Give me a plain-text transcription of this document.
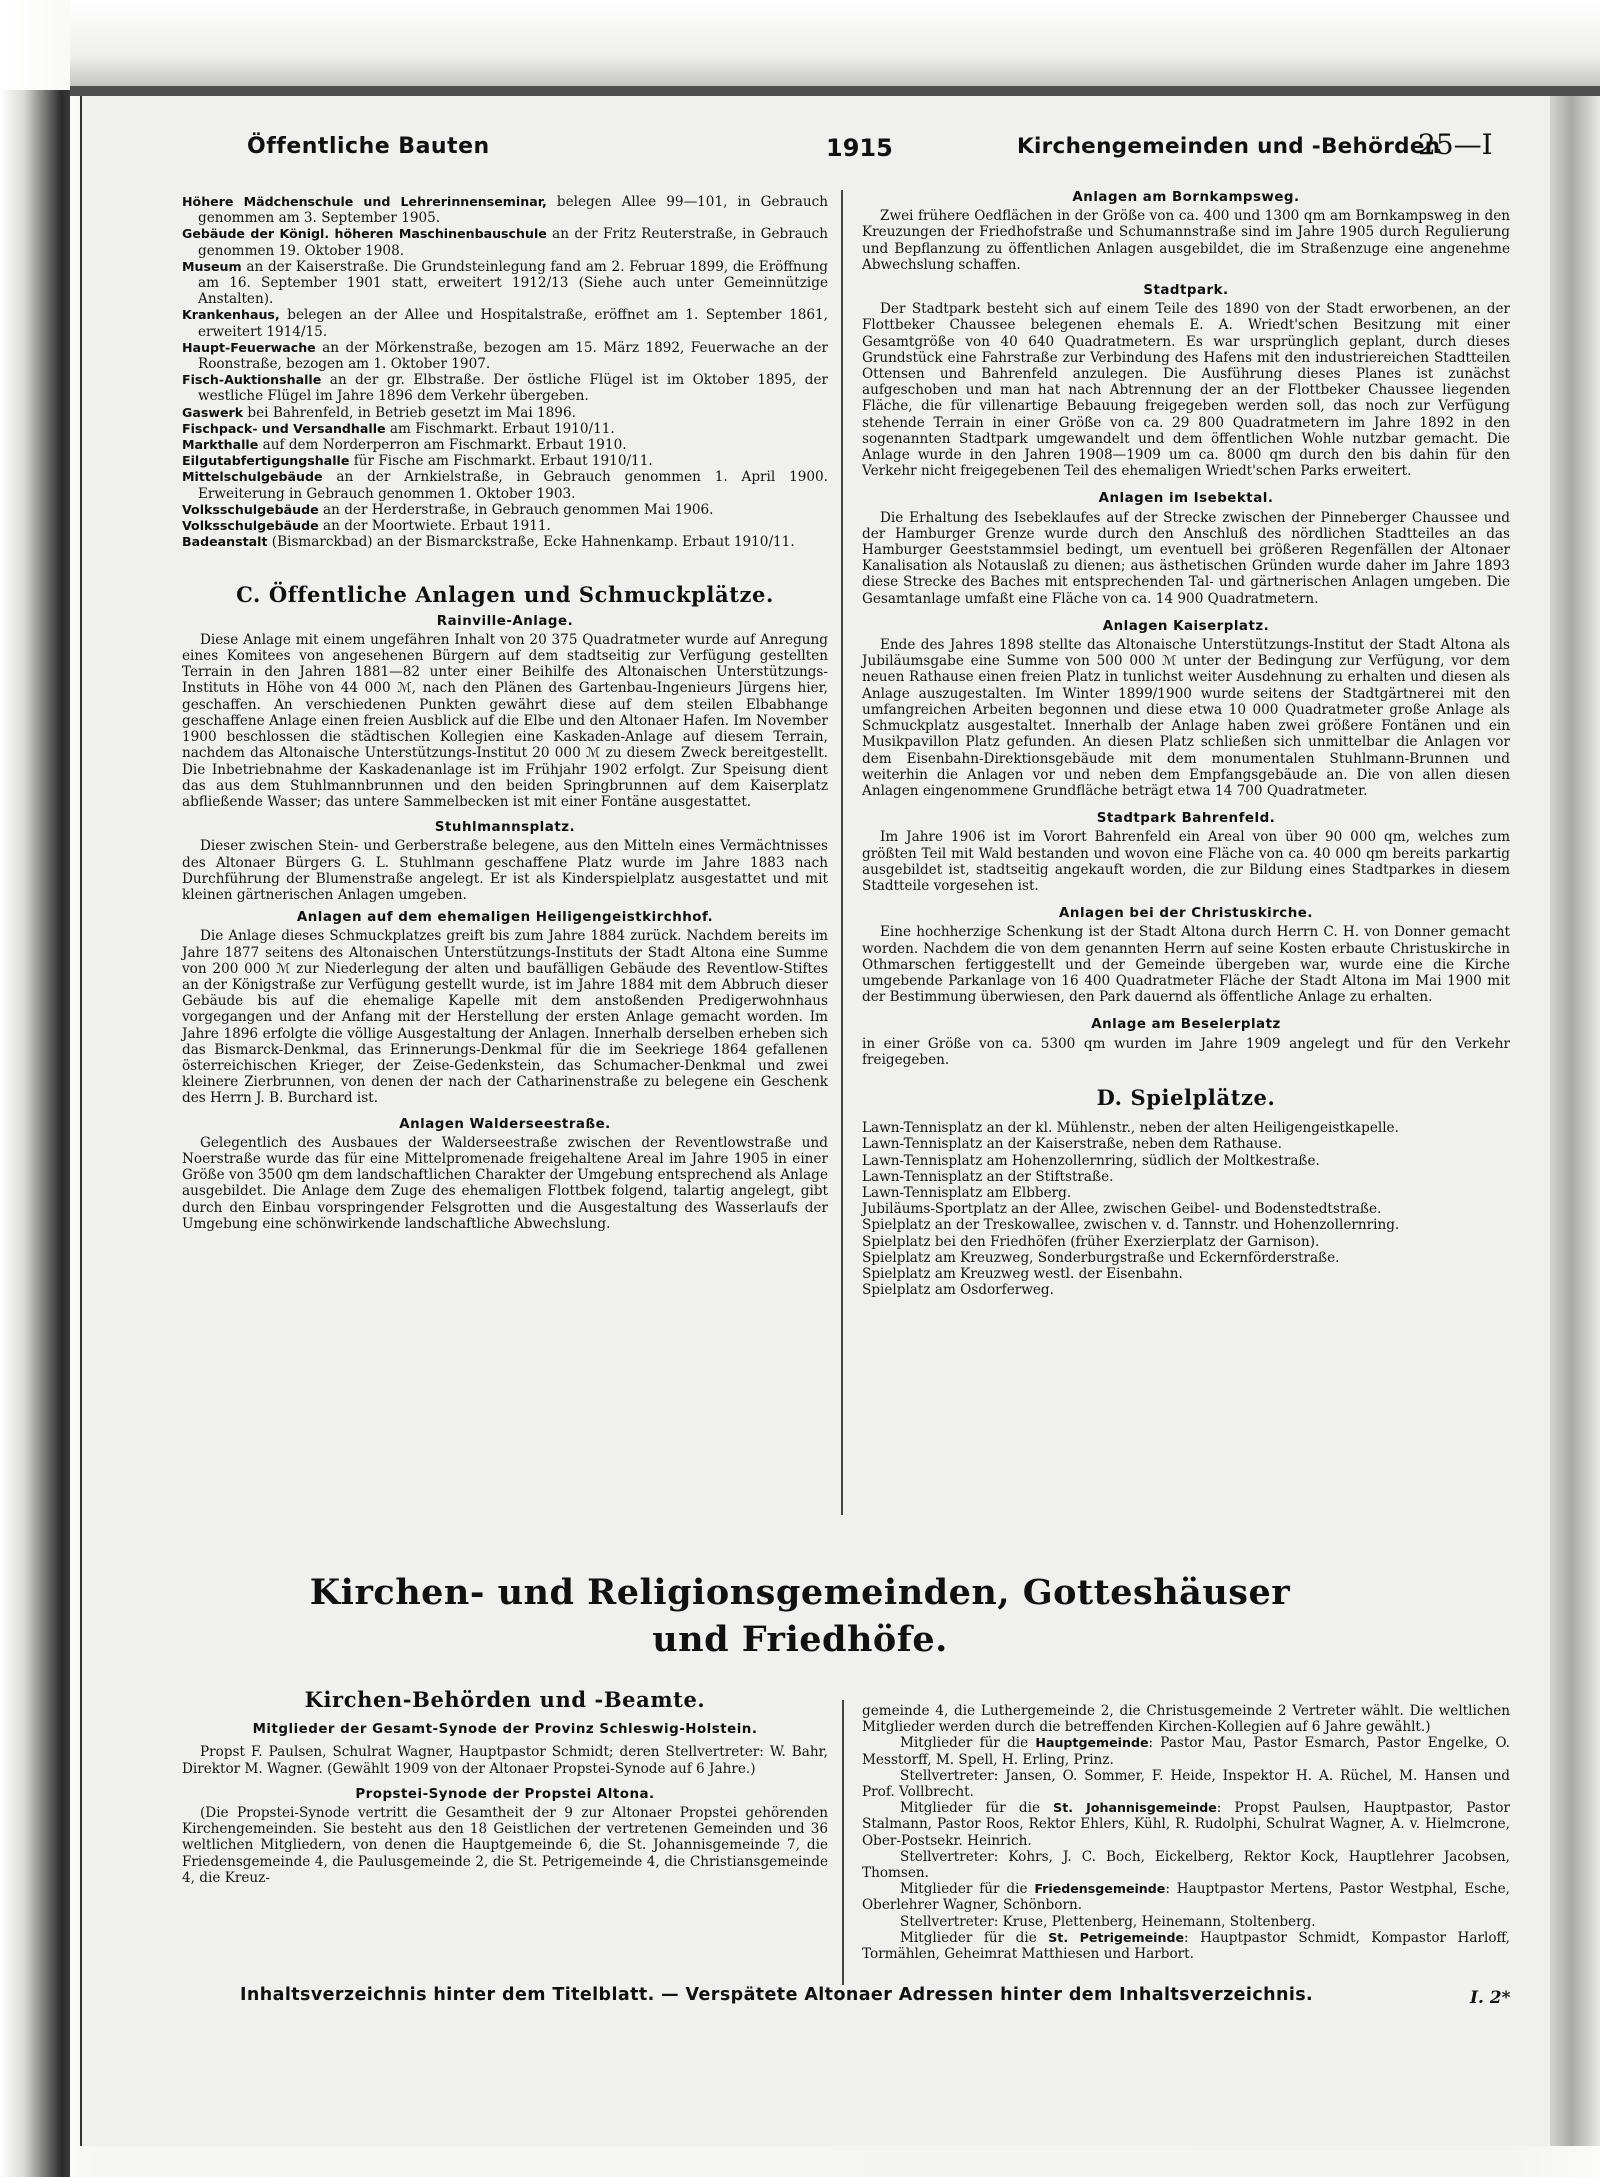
Öffentliche Bauten	1915	Kirchengemeinden und -Behörden
25—I

Höhere Mädchenschule und Lehrerinnenseminar, belegen Allee 99—101, in Gebrauch genommen am 3. September 1905.

Gebäude der Königl. höheren Maschinenbauschule an der Fritz Reuterstraße, in Gebrauch genommen 19. Oktober 1908.

Museum an der Kaiserstraße. Die Grundsteinlegung fand am 2. Februar 1899, die Eröffnung am 16. September 1901 statt, erweitert 1912/13 (Siehe auch unter Gemeinnützige Anstalten).

Krankenhaus, belegen an der Allee und Hospitalstraße, eröffnet am 1. September 1861, erweitert 1914/15.

Haupt-Feuerwache an der Mörkenstraße, bezogen am 15. März 1892, Feuerwache an der Roonstraße, bezogen am 1. Oktober 1907.

Fisch-Auktionshalle an der gr. Elbstraße. Der östliche Flügel ist im Oktober 1895, der westliche Flügel im Jahre 1896 dem Verkehr übergeben.

Gaswerk bei Bahrenfeld, in Betrieb gesetzt im Mai 1896.

Fischpack- und Versandhalle am Fischmarkt. Erbaut 1910/11.

Markthalle auf dem Norderperron am Fischmarkt. Erbaut 1910.

Eilgutabfertigungshalle für Fische am Fischmarkt. Erbaut 1910/11.

Mittelschulgebäude an der Arnkielstraße, in Gebrauch genommen 1. April 1900. Erweiterung in Gebrauch genommen 1. Oktober 1903.

Volksschulgebäude an der Herderstraße, in Gebrauch genommen Mai 1906.

Volksschulgebäude an der Moortwiete. Erbaut 1911.

Badeanstalt (Bismarckbad) an der Bismarckstraße, Ecke Hahnenkamp. Erbaut 1910/11.

C. Öffentliche Anlagen und Schmuckplätze.
Rainville-Anlage.

Diese Anlage mit einem ungefähren Inhalt von 20 375 Quadratmeter wurde auf Anregung eines Komitees von angesehenen Bürgern auf dem stadtseitig zur Verfügung gestellten Terrain in den Jahren 1881—82 unter einer Beihilfe des Altonaischen Unterstützungs-Instituts in Höhe von 44 000 ℳ, nach den Plänen des Gartenbau-Ingenieurs Jürgens hier, geschaffen. An verschiedenen Punkten gewährt diese auf dem steilen Elbabhange geschaffene Anlage einen freien Ausblick auf die Elbe und den Altonaer Hafen. Im November 1900 beschlossen die städtischen Kollegien eine Kaskaden-Anlage auf diesem Terrain, nachdem das Altonaische Unterstützungs-Institut 20 000 ℳ zu diesem Zweck bereitgestellt. Die Inbetriebnahme der Kaskadenanlage ist im Frühjahr 1902 erfolgt. Zur Speisung dient das aus dem Stuhlmannbrunnen und den beiden Springbrunnen auf dem Kaiserplatz abfließende Wasser; das untere Sammelbecken ist mit einer Fontäne ausgestattet.

Stuhlmannsplatz.

Dieser zwischen Stein- und Gerberstraße belegene, aus den Mitteln eines Vermächtnisses des Altonaer Bürgers G. L. Stuhlmann geschaffene Platz wurde im Jahre 1883 nach Durchführung der Blumenstraße angelegt. Er ist als Kinderspielplatz ausgestattet und mit kleinen gärtnerischen Anlagen umgeben.

Anlagen auf dem ehemaligen Heiligengeistkirchhof.

Die Anlage dieses Schmuckplatzes greift bis zum Jahre 1884 zurück. Nachdem bereits im Jahre 1877 seitens des Altonaischen Unterstützungs-Instituts der Stadt Altona eine Summe von 200 000 ℳ zur Niederlegung der alten und baufälligen Gebäude des Reventlow-Stiftes an der Königstraße zur Verfügung gestellt wurde, ist im Jahre 1884 mit dem Abbruch dieser Gebäude bis auf die ehemalige Kapelle mit dem anstoßenden Predigerwohnhaus vorgegangen und der Anfang mit der Herstellung der ersten Anlage gemacht worden. Im Jahre 1896 erfolgte die völlige Ausgestaltung der Anlagen. Innerhalb derselben erheben sich das Bismarck-Denkmal, das Erinnerungs-Denkmal für die im Seekriege 1864 gefallenen österreichischen Krieger, der Zeise-Gedenkstein, das Schumacher-Denkmal und zwei kleinere Zierbrunnen, von denen der nach der Catharinenstraße zu belegene ein Geschenk des Herrn J. B. Burchard ist.

Anlagen Walderseestraße.

Gelegentlich des Ausbaues der Walderseestraße zwischen der Reventlowstraße und Noerstraße wurde das für eine Mittelpromenade freigehaltene Areal im Jahre 1905 in einer Größe von 3500 qm dem landschaftlichen Charakter der Umgebung entsprechend als Anlage ausgebildet. Die Anlage dem Zuge des ehemaligen Flottbek folgend, talartig angelegt, gibt durch den Einbau vorspringender Felsgrotten und die Ausgestaltung des Wasserlaufs der Umgebung eine schönwirkende landschaftliche Abwechslung.

Anlagen am Bornkampsweg.

Zwei frühere Oedflächen in der Größe von ca. 400 und 1300 qm am Bornkampsweg in den Kreuzungen der Friedhofstraße und Schumannstraße sind im Jahre 1905 durch Regulierung und Bepflanzung zu öffentlichen Anlagen ausgebildet, die im Straßenzuge eine angenehme Abwechslung schaffen.

Stadtpark.

Der Stadtpark besteht sich auf einem Teile des 1890 von der Stadt erworbenen, an der Flottbeker Chaussee belegenen ehemals E. A. Wriedt'schen Besitzung mit einer Gesamtgröße von 40 640 Quadratmetern. Es war ursprünglich geplant, durch dieses Grundstück eine Fahrstraße zur Verbindung des Hafens mit den industriereichen Stadtteilen Ottensen und Bahrenfeld anzulegen. Die Ausführung dieses Planes ist zunächst aufgeschoben und man hat nach Abtrennung der an der Flottbeker Chaussee liegenden Fläche, die für villenartige Bebauung freigegeben werden soll, das noch zur Verfügung stehende Terrain in einer Größe von ca. 29 800 Quadratmetern im Jahre 1892 in den sogenannten Stadtpark umgewandelt und dem öffentlichen Wohle nutzbar gemacht. Die Anlage wurde in den Jahren 1908—1909 um ca. 8000 qm durch den bis dahin für den Verkehr nicht freigegebenen Teil des ehemaligen Wriedt'schen Parks erweitert.

Anlagen im Isebektal.

Die Erhaltung des Isebeklaufes auf der Strecke zwischen der Pinneberger Chaussee und der Hamburger Grenze wurde durch den Anschluß des nördlichen Stadtteiles an das Hamburger Geeststammsiel bedingt, um eventuell bei größeren Regenfällen der Altonaer Kanalisation als Notauslaß zu dienen; aus ästhetischen Gründen wurde daher im Jahre 1893 diese Strecke des Baches mit entsprechenden Tal- und gärtnerischen Anlagen umgeben. Die Gesamtanlage umfaßt eine Fläche von ca. 14 900 Quadratmetern.

Anlagen Kaiserplatz.

Ende des Jahres 1898 stellte das Altonaische Unterstützungs-Institut der Stadt Altona als Jubiläumsgabe eine Summe von 500 000 ℳ unter der Bedingung zur Verfügung, vor dem neuen Rathause einen freien Platz in tunlichst weiter Ausdehnung zu erhalten und diesen als Anlage auszugestalten. Im Winter 1899/1900 wurde seitens der Stadtgärtnerei mit den umfangreichen Arbeiten begonnen und diese etwa 10 000 Quadratmeter große Anlage als Schmuckplatz ausgestaltet. Innerhalb der Anlage haben zwei größere Fontänen und ein Musikpavillon Platz gefunden. An diesen Platz schließen sich unmittelbar die Anlagen vor dem Eisenbahn-Direktionsgebäude mit dem monumentalen Stuhlmann-Brunnen und weiterhin die Anlagen vor und neben dem Empfangsgebäude an. Die von allen diesen Anlagen eingenommene Grundfläche beträgt etwa 14 700 Quadratmeter.

Stadtpark Bahrenfeld.

Im Jahre 1906 ist im Vorort Bahrenfeld ein Areal von über 90 000 qm, welches zum größten Teil mit Wald bestanden und wovon eine Fläche von ca. 40 000 qm bereits parkartig ausgebildet ist, stadtseitig angekauft worden, die zur Bildung eines Stadtparkes in diesem Stadtteile vorgesehen ist.

Anlagen bei der Christuskirche.

Eine hochherzige Schenkung ist der Stadt Altona durch Herrn C. H. von Donner gemacht worden. Nachdem die von dem genannten Herrn auf seine Kosten erbaute Christuskirche in Othmarschen fertiggestellt und der Gemeinde übergeben war, wurde eine die Kirche umgebende Parkanlage von 16 400 Quadratmeter Fläche der Stadt Altona im Mai 1900 mit der Bestimmung überwiesen, den Park dauernd als öffentliche Anlage zu erhalten.

Anlage am Beselerplatz

in einer Größe von ca. 5300 qm wurden im Jahre 1909 angelegt und für den Verkehr freigegeben.

D. Spielplätze.

Lawn-Tennisplatz an der kl. Mühlenstr., neben der alten Heiligengeistkapelle.

Lawn-Tennisplatz an der Kaiserstraße, neben dem Rathause.

Lawn-Tennisplatz am Hohenzollernring, südlich der Moltkestraße.

Lawn-Tennisplatz an der Stiftstraße.

Lawn-Tennisplatz am Elbberg.

Jubiläums-Sportplatz an der Allee, zwischen Geibel- und Bodenstedtstraße.

Spielplatz an der Treskowallee, zwischen v. d. Tannstr. und Hohenzollernring.

Spielplatz bei den Friedhöfen (früher Exerzierplatz der Garnison).

Spielplatz am Kreuzweg, Sonderburgstraße und Eckernförderstraße.

Spielplatz am Kreuzweg westl. der Eisenbahn.

Spielplatz am Osdorferweg.

Kirchen- und Religionsgemeinden, Gotteshäuser
und Friedhöfe.
Kirchen-Behörden und -Beamte.
Mitglieder der Gesamt-Synode der Provinz Schleswig-Holstein.

Propst F. Paulsen, Schulrat Wagner, Hauptpastor Schmidt; deren Stellvertreter: W. Bahr, Direktor M. Wagner. (Gewählt 1909 von der Altonaer Propstei-Synode auf 6 Jahre.)

Propstei-Synode der Propstei Altona.

(Die Propstei-Synode vertritt die Gesamtheit der 9 zur Altonaer Propstei gehörenden Kirchengemeinden. Sie besteht aus den 18 Geistlichen der vertretenen Gemeinden und 36 weltlichen Mitgliedern, von denen die Hauptgemeinde 6, die St. Johannisgemeinde 7, die Friedensgemeinde 4, die Paulusgemeinde 2, die St. Petrigemeinde 4, die Christiansgemeinde 4, die Kreuz-

gemeinde 4, die Luthergemeinde 2, die Christusgemeinde 2 Vertreter wählt. Die weltlichen Mitglieder werden durch die betreffenden Kirchen-Kollegien auf 6 Jahre gewählt.)

Mitglieder für die Hauptgemeinde: Pastor Mau, Pastor Esmarch, Pastor Engelke, O. Messtorff, M. Spell, H. Erling, Prinz.

Stellvertreter: Jansen, O. Sommer, F. Heide, Inspektor H. A. Rüchel, M. Hansen und Prof. Vollbrecht.

Mitglieder für die St. Johannisgemeinde: Propst Paulsen, Hauptpastor, Pastor Stalmann, Pastor Roos, Rektor Ehlers, Kühl, R. Rudolphi, Schulrat Wagner, A. v. Hielmcrone, Ober-Postsekr. Heinrich.

Stellvertreter: Kohrs, J. C. Boch, Eickelberg, Rektor Kock, Hauptlehrer Jacobsen, Thomsen.

Mitglieder für die Friedensgemeinde: Hauptpastor Mertens, Pastor Westphal, Esche, Oberlehrer Wagner, Schönborn.

Stellvertreter: Kruse, Plettenberg, Heinemann, Stoltenberg.

Mitglieder für die St. Petrigemeinde: Hauptpastor Schmidt, Kompastor Harloff, Tormählen, Geheimrat Matthiesen und Harbort.

Inhaltsverzeichnis hinter dem Titelblatt. — Verspätete Altonaer Adressen hinter dem Inhaltsverzeichnis.	I. 2*
